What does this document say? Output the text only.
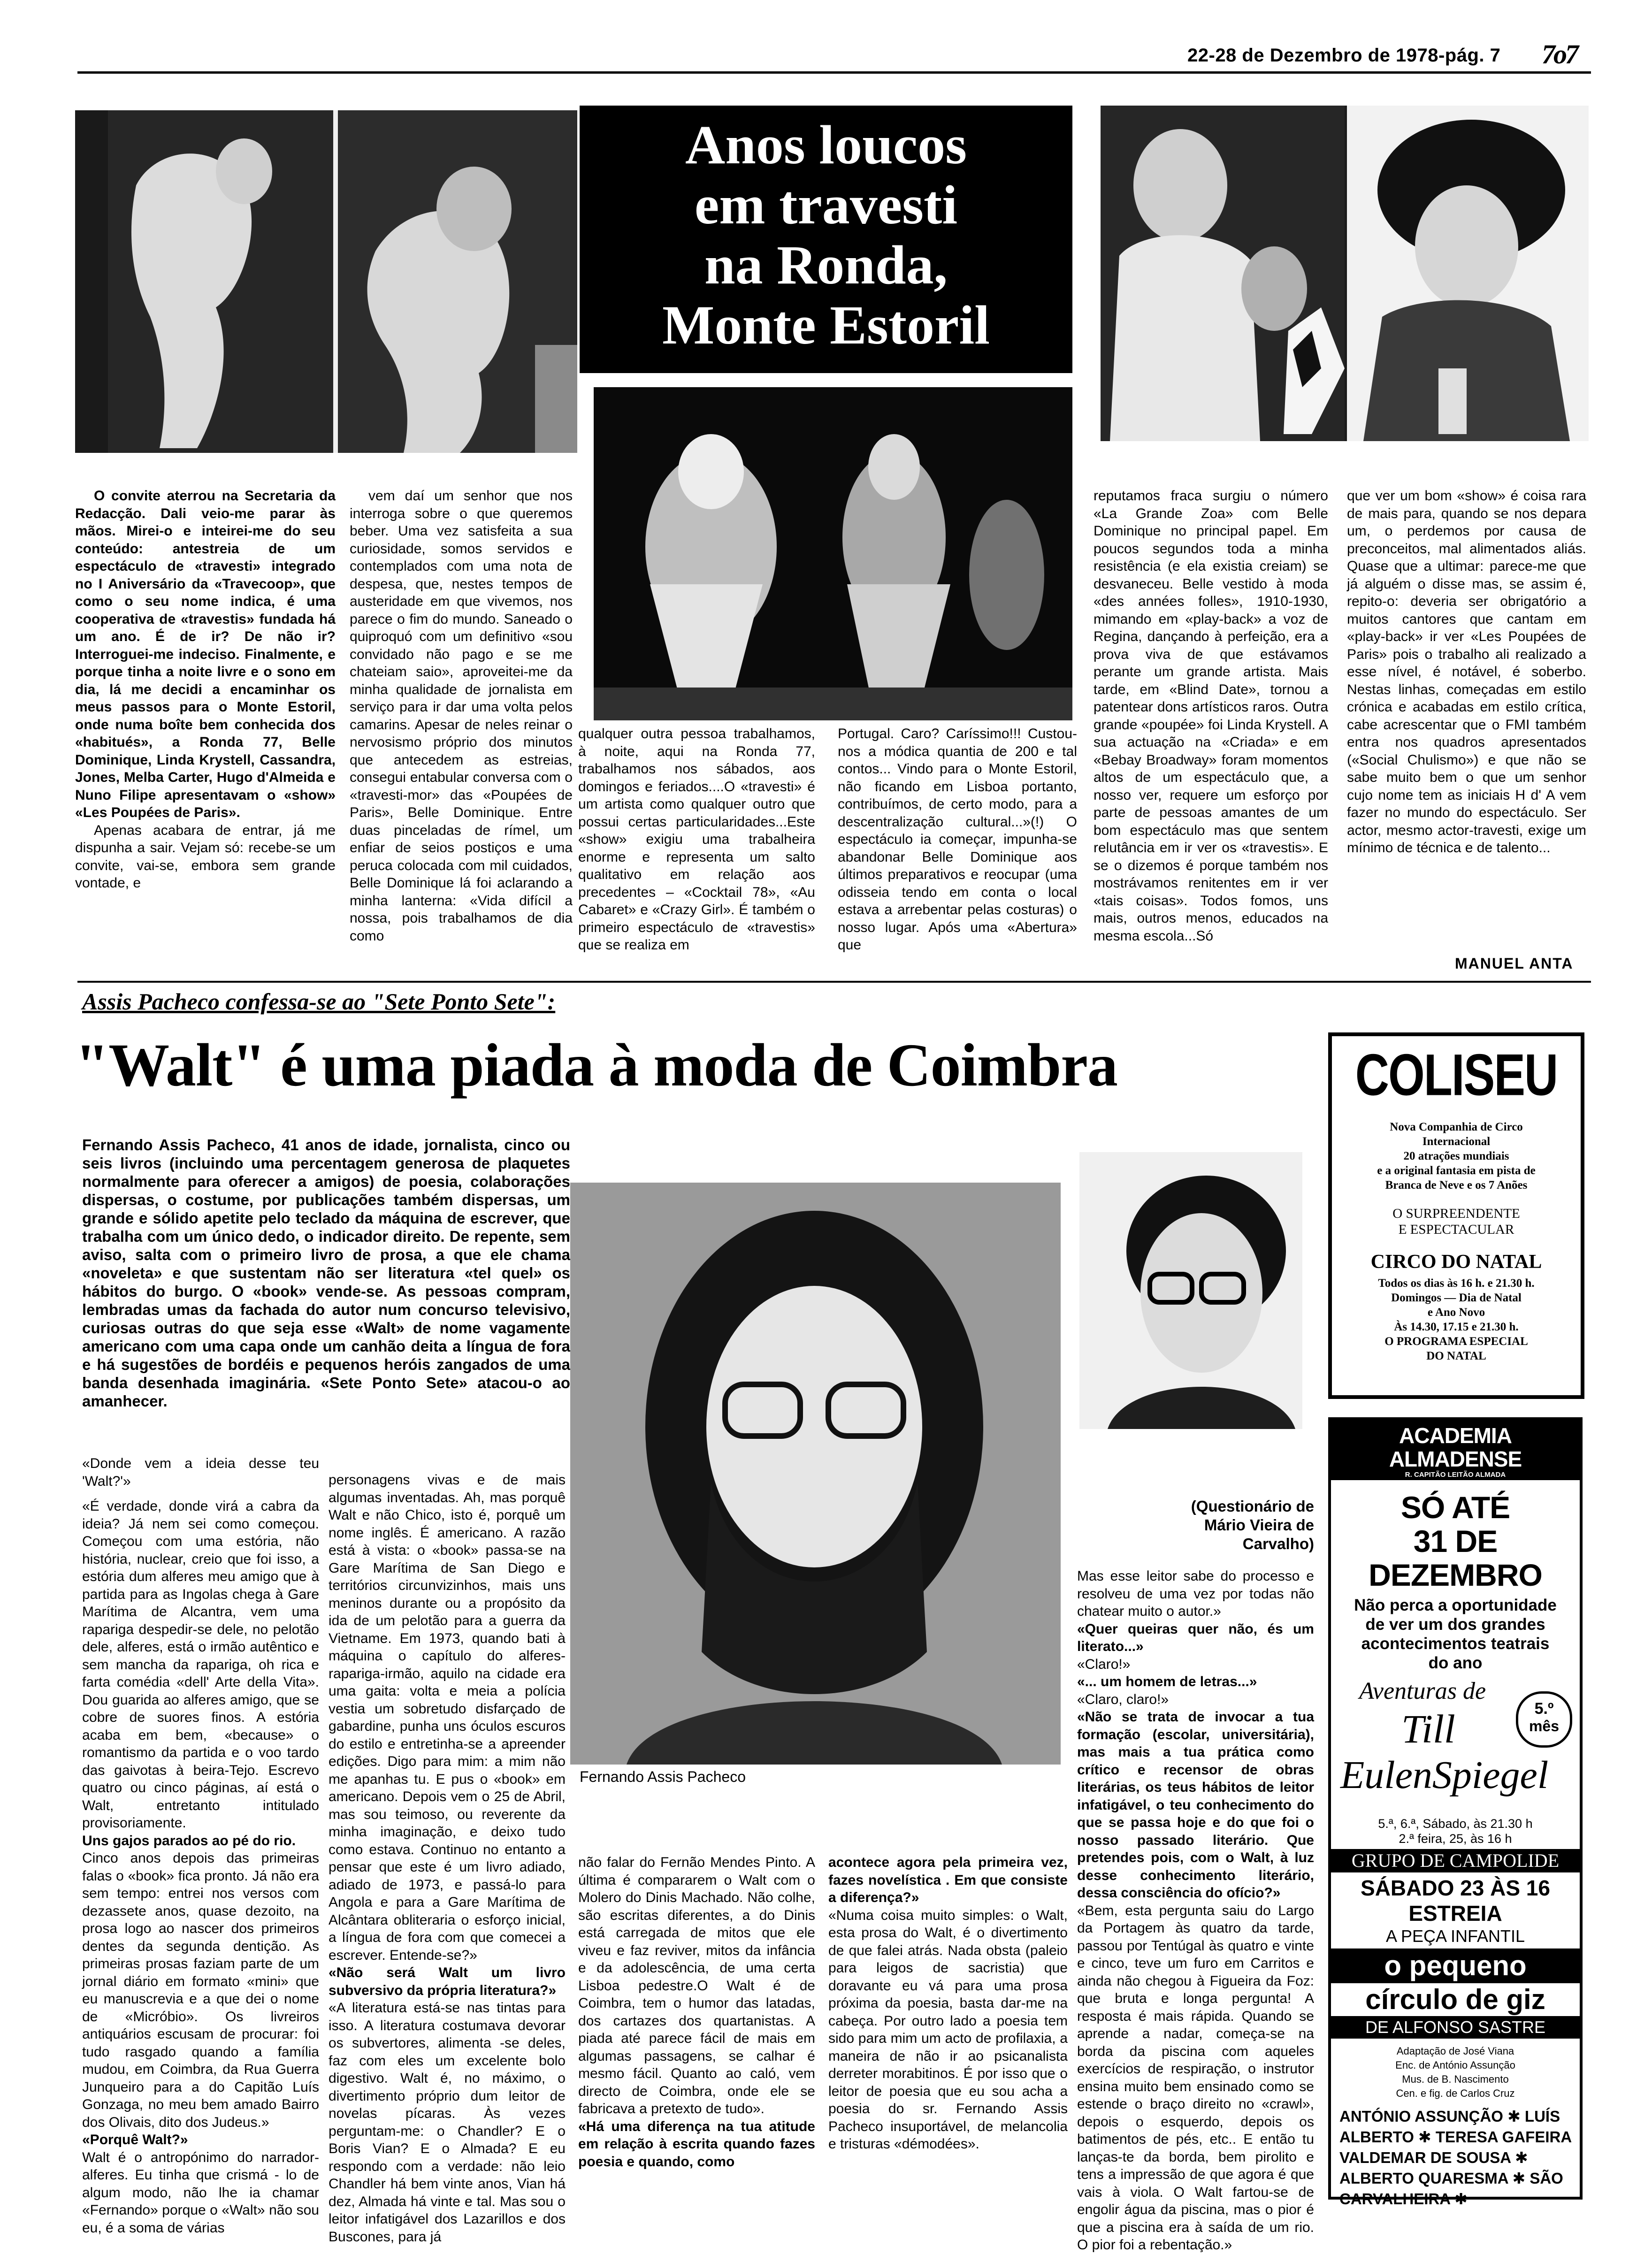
22-28 de Dezembro de 1978-pág. 7 7o7
Anos loucos
em travesti
na Ronda,
Monte Estoril

O convite aterrou na Secretaria da Redacção. Dali veio-me parar às mãos. Mirei-o e inteirei-me do seu conteúdo: antestreia de um espectáculo de «travesti» integrado no I Aniversário da «Travecoop», que como o seu nome indica, é uma cooperativa de «travestis» fundada há um ano. É de ir? De não ir? Interroguei-me indeciso. Finalmente, e porque tinha a noite livre e o sono em dia, lá me decidi a encaminhar os meus passos para o Monte Estoril, onde numa boîte bem conhecida dos «habitués», a Ronda 77, Belle Dominique, Linda Krystell, Cassandra, Jones, Melba Carter, Hugo d'Almeida e Nuno Filipe apresentavam o «show» «Les Poupées de Paris».

Apenas acabara de entrar, já me dispunha a sair. Vejam só: recebe-se um convite, vai-se, embora sem grande vontade, e

vem daí um senhor que nos interroga sobre o que queremos beber. Uma vez satisfeita a sua curiosidade, somos servidos e contemplados com uma nota de despesa, que, nestes tempos de austeridade em que vivemos, nos parece o fim do mundo. Saneado o quiproquó com um definitivo «sou convidado não pago e se me chateiam saio», aproveitei-me da minha qualidade de jornalista em serviço para ir dar uma volta pelos camarins. Apesar de neles reinar o nervosismo próprio dos minutos que antecedem as estreias, consegui entabular conversa com o «travesti-mor» das «Poupées de Paris», Belle Dominique. Entre duas pinceladas de rímel, um enfiar de seios postiços e uma peruca colocada com mil cuidados, Belle Dominique lá foi aclarando a minha lanterna: «Vida difícil a nossa, pois trabalhamos de dia como

qualquer outra pessoa trabalhamos, à noite, aqui na Ronda 77, trabalhamos nos sábados, aos domingos e feriados....O «travesti» é um artista como qualquer outro que possui certas particularidades...Este «show» exigiu uma trabalheira enorme e representa um salto qualitativo em relação aos precedentes – «Cocktail 78», «Au Cabaret» e «Crazy Girl». É também o primeiro espectáculo de «travestis» que se realiza em

Portugal. Caro? Caríssimo!!! Custou-nos a módica quantia de 200 e tal contos... Vindo para o Monte Estoril, não ficando em Lisboa portanto, contribuímos, de certo modo, para a descentralização cultural...»(!) O espectáculo ia começar, impunha-se abandonar Belle Dominique aos últimos preparativos e reocupar (uma odisseia tendo em conta o local estava a arrebentar pelas costuras) o nosso lugar. Após uma «Abertura» que

reputamos fraca surgiu o número «La Grande Zoa» com Belle Dominique no principal papel. Em poucos segundos toda a minha resistência (e ela existia creiam) se desvaneceu. Belle vestido à moda «des années folles», 1910-1930, mimando em «play-back» a voz de Regina, dançando à perfeição, era a prova viva de que estávamos perante um grande artista. Mais tarde, em «Blind Date», tornou a patentear dons artísticos raros. Outra grande «poupée» foi Linda Krystell. A sua actuação na «Criada» e em «Bebay Broadway» foram momentos altos de um espectáculo que, a nosso ver, requere um esforço por parte de pessoas amantes de um bom espectáculo mas que sentem relutância em ir ver os «travestis». E se o dizemos é porque também nos mostrávamos renitentes em ir ver «tais coisas». Todos fomos, uns mais, outros menos, educados na mesma escola...Só

que ver um bom «show» é coisa rara de mais para, quando se nos depara um, o perdemos por causa de preconceitos, mal alimentados aliás. Quase que a ultimar: parece-me que já alguém o disse mas, se assim é, repito-o: deveria ser obrigatório a muitos cantores que cantam em «play-back» ir ver «Les Poupées de Paris» pois o trabalho ali realizado a esse nível, é notável, é soberbo. Nestas linhas, começadas em estilo crónica e acabadas em estilo crítica, cabe acrescentar que o FMI também entra nos quadros apresentados («Social Chulismo») e que não se sabe muito bem o que um senhor cujo nome tem as iniciais H d' A vem fazer no mundo do espectáculo. Ser actor, mesmo actor-travesti, exige um mínimo de técnica e de talento...

MANUEL ANTA
Assis Pacheco confessa-se ao "Sete Ponto Sete":
"Walt" é uma piada à moda de Coimbra

Fernando Assis Pacheco, 41 anos de idade, jornalista, cinco ou seis livros (incluindo uma percentagem generosa de plaquetes normalmente para oferecer a amigos) de poesia, colaborações dispersas, o costume, por publicações também dispersas, um grande e sólido apetite pelo teclado da máquina de escrever, que trabalha com um único dedo, o indicador direito. De repente, sem aviso, salta com o primeiro livro de prosa, a que ele chama «noveleta» e que sustentam não ser literatura «tel quel» os hábitos do burgo. O «book» vende-se. As pessoas compram, lembradas umas da fachada do autor num concurso televisivo, curiosas outras do que seja esse «Walt» de nome vagamente americano com uma capa onde um canhão deita a língua de fora e há sugestões de bordéis e pequenos heróis zangados de uma banda desenhada imaginária. «Sete Ponto Sete» atacou-o ao amanhecer.

Fernando Assis Pacheco
(Questionário de Mário Vieira de Carvalho)

«Donde vem a ideia desse teu 'Walt?'»

«É verdade, donde virá a cabra da ideia? Já nem sei como começou. Começou com uma estória, não história, nuclear, creio que foi isso, a estória dum alferes meu amigo que à partida para as Ingolas chega à Gare Marítima de Alcantra, vem uma rapariga despedir-se dele, no pelotão dele, alferes, está o irmão autêntico e sem mancha da rapariga, oh rica e farta comédia «dell' Arte della Vita». Dou guarida ao alferes amigo, que se cobre de suores finos. A estória acaba em bem, «because» o romantismo da partida e o voo tardo das gaivotas à beira-Tejo. Escrevo quatro ou cinco páginas, aí está o Walt, entretanto intitulado provisoriamente.

Uns gajos parados ao pé do rio.

Cinco anos depois das primeiras falas o «book» fica pronto. Já não era sem tempo: entrei nos versos com dezassete anos, quase dezoito, na prosa logo ao nascer dos primeiros dentes da segunda dentição. As primeiras prosas faziam parte de um jornal diário em formato «mini» que eu manuscrevia e a que dei o nome de «Micróbio». Os livreiros antiquários escusam de procurar: foi tudo rasgado quando a família mudou, em Coimbra, da Rua Guerra Junqueiro para a do Capitão Luís Gonzaga, no meu bem amado Bairro dos Olivais, dito dos Judeus.»

«Porquê Walt?»

Walt é o antropónimo do narrador-alferes. Eu tinha que crismá - lo de algum modo, não lhe ia chamar «Fernando» porque o «Walt» não sou eu, é a soma de várias

personagens vivas e de mais algumas inventadas. Ah, mas porquê Walt e não Chico, isto é, porquê um nome inglês. É americano. A razão está à vista: o «book» passa-se na Gare Marítima de San Diego e territórios circunvizinhos, mais uns meninos durante ou a propósito da ida de um pelotão para a guerra da Vietname. Em 1973, quando bati à máquina o capítulo do alferes-rapariga-irmão, aquilo na cidade era uma gaita: volta e meia a polícia vestia um sobretudo disfarçado de gabardine, punha uns óculos escuros do estilo e entretinha-se a apreender edições. Digo para mim: a mim não me apanhas tu. E pus o «book» em americano. Depois vem o 25 de Abril, mas sou teimoso, ou reverente da minha imaginação, e deixo tudo como estava. Continuo no entanto a pensar que este é um livro adiado, adiado de 1973, e passá-lo para Angola e para a Gare Marítima de Alcântara obliteraria o esforço inicial, a língua de fora com que comecei a escrever. Entende-se?»

«Não será Walt um livro subversivo da própria literatura?»

«A literatura está-se nas tintas para isso. A literatura costumava devorar os subvertores, alimenta -se deles, faz com eles um excelente bolo digestivo. Walt é, no máximo, o divertimento próprio dum leitor de novelas pícaras. Às vezes perguntam-me: o Chandler? E o Boris Vian? E o Almada? E eu respondo com a verdade: não leio Chandler há bem vinte anos, Vian há dez, Almada há vinte e tal. Mas sou o leitor infatigável dos Lazarillos e dos Buscones, para já

não falar do Fernão Mendes Pinto. A última é compararem o Walt com o Molero do Dinis Machado. Não colhe, são escritas diferentes, a do Dinis está carregada de mitos que ele viveu e faz reviver, mitos da infância e da adolescência, de uma certa Lisboa pedestre.O Walt é de Coimbra, tem o humor das latadas, dos cartazes dos quartanistas. A piada até parece fácil de mais em algumas passagens, se calhar é mesmo fácil. Quanto ao caló, vem directo de Coimbra, onde ele se fabricava a pretexto de tudo».

«Há uma diferença na tua atitude em relação à escrita quando fazes poesia e quando, como

acontece agora pela primeira vez, fazes novelística . Em que consiste a diferença?»

«Numa coisa muito simples: o Walt, esta prosa do Walt, é o divertimento de que falei atrás. Nada obsta (paleio para leigos de sacristia) que doravante eu vá para uma prosa próxima da poesia, basta dar-me na cabeça. Por outro lado a poesia tem sido para mim um acto de profilaxia, a maneira de não ir ao psicanalista derreter morabitinos. É por isso que o leitor de poesia que eu sou acha a poesia do sr. Fernando Assis Pacheco insuportável, de melancolia e tristuras «démodées».

Mas esse leitor sabe do processo e resolveu de uma vez por todas não chatear muito o autor.»

«Quer queiras quer não, és um literato...»

«Claro!»

«... um homem de letras...»

«Claro, claro!»

«Não se trata de invocar a tua formação (escolar, universitária), mas mais a tua prática como crítico e recensor de obras literárias, os teus hábitos de leitor infatigável, o teu conhecimento do que se passa hoje e do que foi o nosso passado literário. Que pretendes pois, com o Walt, à luz desse conhecimento literário, dessa consciência do ofício?»

«Bem, esta pergunta saiu do Largo da Portagem às quatro da tarde, passou por Tentúgal às quatro e vinte e cinco, teve um furo em Carritos e ainda não chegou à Figueira da Foz: que bruta e longa pergunta! A resposta é mais rápida. Quando se aprende a nadar, começa-se na borda da piscina com aqueles exercícios de respiração, o instrutor ensina muito bem ensinado como se estende o braço direito no «crawl», depois o esquerdo, depois os batimentos de pés, etc.. E então tu lanças-te da borda, bem pirolito e tens a impressão de que agora é que vais à viola. O Walt fartou-se de engolir água da piscina, mas o pior é que a piscina era à saída de um rio. O pior foi a rebentação.»

COLISEU
Nova Companhia de Circo
Internacional
20 atrações mundiais
e a original fantasia em pista de
Branca de Neve e os 7 Anões
O SURPREENDENTE
E ESPECTACULAR
CIRCO DO NATAL
Todos os dias às 16 h. e 21.30 h.
Domingos — Dia de Natal
e Ano Novo
Às 14.30, 17.15 e 21.30 h.
O PROGRAMA ESPECIAL
DO NATAL
ACADEMIA ALMADENSE
R. CAPITÃO LEITÃO ALMADA
SÓ ATÉ
31 DE DEZEMBRO
Não perca a oportunidade
de ver um dos grandes
acontecimentos teatrais
do ano
Aventuras de
Till
EulenSpiegel
5.º
mês
5.ª, 6.ª, Sábado, às 21.30 h
2.ª feira, 25, às 16 h
GRUPO DE CAMPOLIDE
SÁBADO 23 ÀS 16
ESTREIA
A PEÇA INFANTIL
o pequeno
círculo de giz
DE ALFONSO SASTRE
Adaptação de José Viana
Enc. de António Assunção
Mus. de B. Nascimento
Cen. e fig. de Carlos Cruz
ANTÓNIO ASSUNÇÃO ✱ LUÍS
ALBERTO ✱ TERESA GAFEIRA
VALDEMAR DE SOUSA ✱
ALBERTO QUARESMA ✱ SÃO
CARVALHEIRA ✱
